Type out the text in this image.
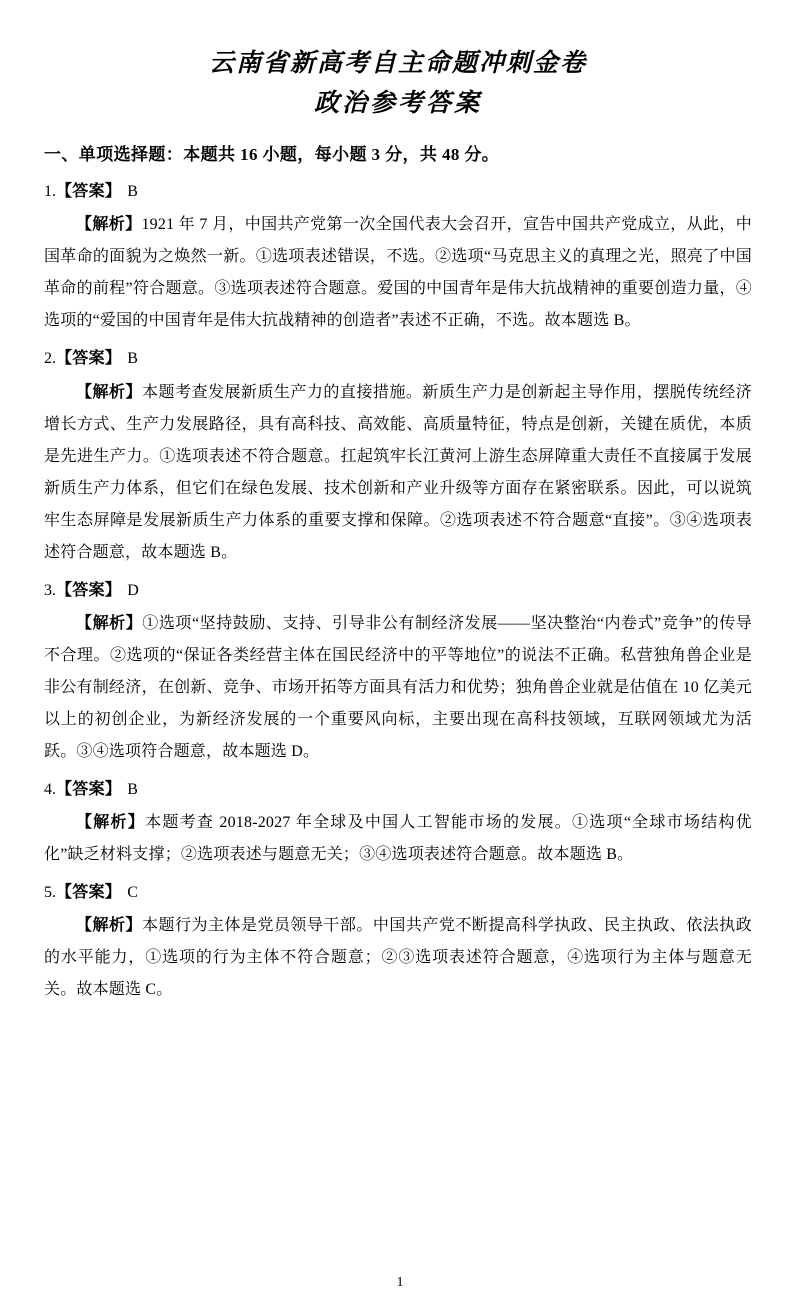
云南省新高考自主命题冲刺金卷
政治参考答案

一、单项选择题：本题共 16 小题，每小题 3 分，共 48 分。

1.【答案】 B

【解析】1921 年 7 月，中国共产党第一次全国代表大会召开，宣告中国共产党成立，从此，中国革命的面貌为之焕然一新。①选项表述错误，不选。②选项“马克思主义的真理之光，照亮了中国革命的前程”符合题意。③选项表述符合题意。爱国的中国青年是伟大抗战精神的重要创造力量，④ 选项的“爱国的中国青年是伟大抗战精神的创造者”表述不正确，不选。故本题选 B。

2.【答案】 B

【解析】本题考查发展新质生产力的直接措施。新质生产力是创新起主导作用，摆脱传统经济增长方式、生产力发展路径，具有高科技、高效能、高质量特征，特点是创新，关键在质优，本质是先进生产力。①选项表述不符合题意。扛起筑牢长江黄河上游生态屏障重大责任不直接属于发展新质生产力体系，但它们在绿色发展、技术创新和产业升级等方面存在紧密联系。因此，可以说筑牢生态屏障是发展新质生产力体系的重要支撑和保障。②选项表述不符合题意“直接”。③④选项表述符合题意，故本题选 B。

3.【答案】 D

【解析】①选项“坚持鼓励、支持、引导非公有制经济发展——坚决整治“内卷式”竞争”的传导不合理。②选项的“保证各类经营主体在国民经济中的平等地位”的说法不正确。私营独角兽企业是非公有制经济，在创新、竞争、市场开拓等方面具有活力和优势；独角兽企业就是估值在 10 亿美元以上的初创企业，为新经济发展的一个重要风向标，主要出现在高科技领域，互联网领域尤为活跃。③④选项符合题意，故本题选 D。

4.【答案】 B

【解析】本题考查 2018-2027 年全球及中国人工智能市场的发展。①选项“全球市场结构优化”缺乏材料支撑；②选项表述与题意无关；③④选项表述符合题意。故本题选 B。

5.【答案】 C

【解析】本题行为主体是党员领导干部。中国共产党不断提高科学执政、民主执政、依法执政的水平能力，①选项的行为主体不符合题意；②③选项表述符合题意，④选项行为主体与题意无关。故本题选 C。

1
